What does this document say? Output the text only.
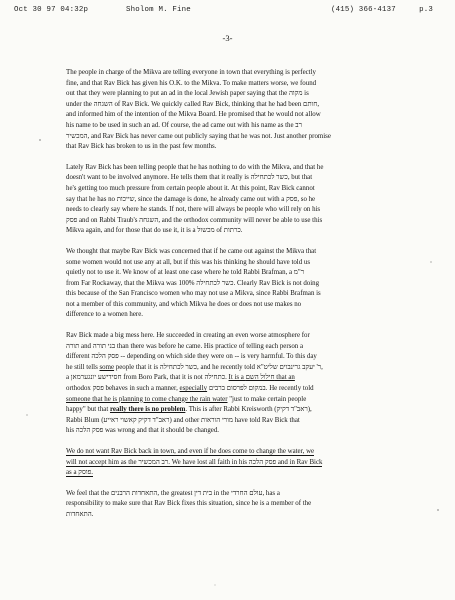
Oct 30 97 04:32p	Sholom M. Fine	(415) 366-4137	p.3
-3-

The people in charge of the Mikva are telling everyone in town that everything is perfectly
fine, and that Rav Bick has given his O.K. to the Mikva. To make matters worse, we found
out that they were planning to put an ad in the local Jewish paper saying that the מקוה is
under the השגחה of Rav Bick. We quickly called Rav Bick, thinking that he had been חותם,
and informed him of the intention of the Mikva Board. He promised that he would not allow
his name to be used in such an ad. Of course, the ad came out with his name as the רב
המכשיר, and Rav Bick has never came out publicly saying that he was not. Just another promise
that Rav Bick has broken to us in the past few months.

Lately Rav Bick has been telling people that he has nothing to do with the Mikva, and that he
doesn't want to be involved anymore. He tells them that it really is כשר לכתחילה, but that
he's getting too much pressure from certain people about it. At this point, Rav Bick cannot
say that he has no שייכות, since the damage is done, he already came out with a פסק, so he
needs to clearly say where he stands. If not, there will always be people who will rely on his
פסק and on Rabbi Traub's השגחה, and the orthodox community will never be able to use this
Mikva again, and for those that do use it, it is a מכשול of כרתות.

We thought that maybe Rav Bick was concerned that if he came out against the Mikva that
some women would not use any at all, but if this was his thinking he should have told us
quietly not to use it. We know of at least one case where he told Rabbi Brafman, a ר"מ
from Far Rockaway, that the Mikva was 100% כשר לכתחילה. Clearly Rav Bick is not doing
this because of the San Francisco women who may not use a Mikva, since Rabbi Brafman is
not a member of this community, and which Mikva he does or does not use makes no
difference to a women here.

Rav Bick made a big mess here. He succeeded in creating an even worse atmosphere for
תורה and בני תורה than there was before he came. His practice of telling each person a
different פסק הלכה -- depending on which side they were on -- is very harmful. To this day
he still tells some people that it is כשר לכתחילה, and he recently told ר' יעקב גרינבוים שליט"א,
a חסידישע יונגערמאן from Boro Park, that it is not כתחילה. It is a חילול השם that an
orthodox פסק behaves in such a manner, especially במקום לפרסום ברבים. He recently told
someone that he is planning to come change the rain water "just to make certain people
happy" but that really there is no problem. This is after Rabbi Kreisworth (ראב"ד דקיק),
Rabbi Blum (ראב"ד דקיק קאשוי ראייע) and other מורי הוראות have told Rav Bick that
his פסק הלכה was wrong and that it should be changed.

We do not want Rav Bick back in town, and even if he does come to change the water, we
will not accept him as the רב המכשיר. We have lost all faith in his פסק הלכה and in Rav Bick
as a פוסק.

We feel that the התאחדות הרבנים, the greatest בית דין in the עולם החרדי, has a
responsibility to make sure that Rav Bick fixes this situation, since he is a member of the
התאחדות.
